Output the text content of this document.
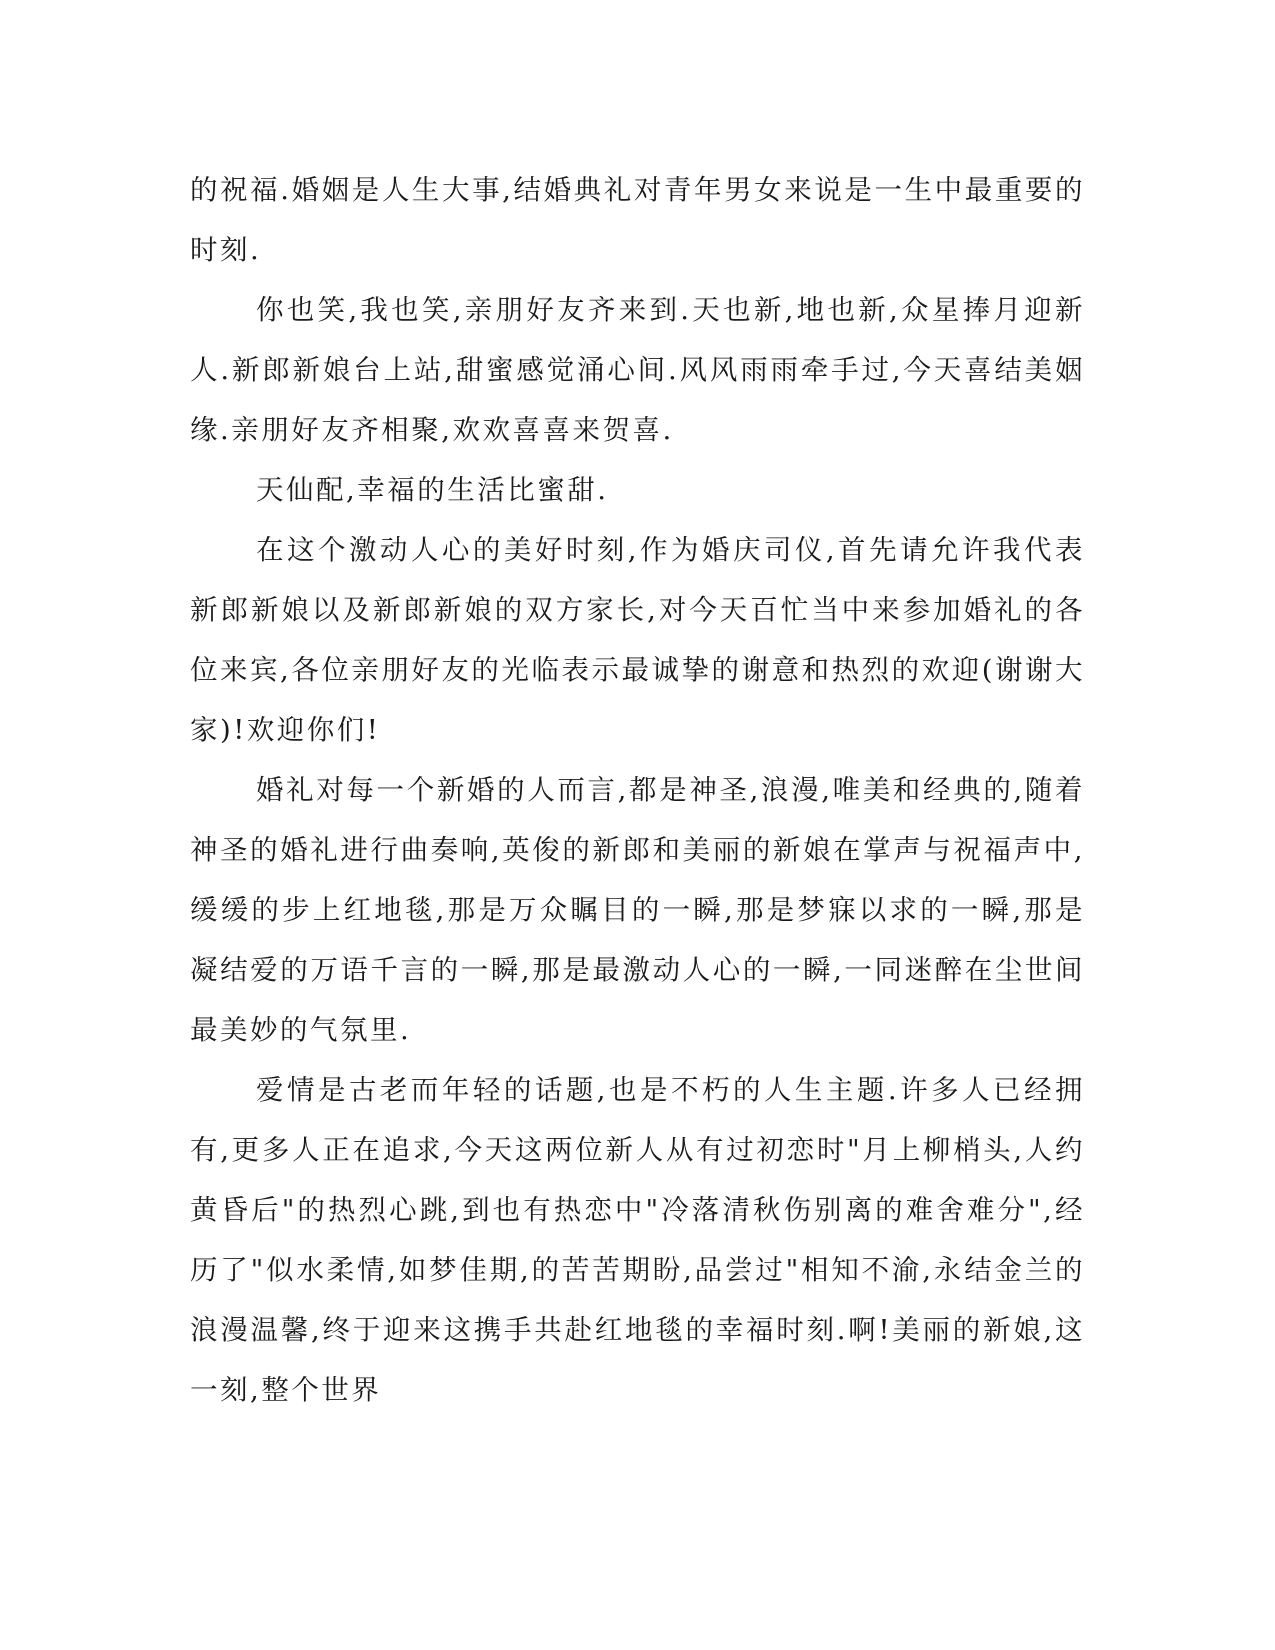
的祝福.婚姻是人生大事,结婚典礼对青年男女来说是一生中最重要的时刻.

你也笑,我也笑,亲朋好友齐来到.天也新,地也新,众星捧月迎新人.新郎新娘台上站,甜蜜感觉涌心间.风风雨雨牵手过,今天喜结美姻缘.亲朋好友齐相聚,欢欢喜喜来贺喜.

天仙配,幸福的生活比蜜甜.

在这个激动人心的美好时刻,作为婚庆司仪,首先请允许我代表新郎新娘以及新郎新娘的双方家长,对今天百忙当中来参加婚礼的各位来宾,各位亲朋好友的光临表示最诚挚的谢意和热烈的欢迎(谢谢大家)!欢迎你们!

婚礼对每一个新婚的人而言,都是神圣,浪漫,唯美和经典的,随着神圣的婚礼进行曲奏响,英俊的新郎和美丽的新娘在掌声与祝福声中,缓缓的步上红地毯,那是万众瞩目的一瞬,那是梦寐以求的一瞬,那是凝结爱的万语千言的一瞬,那是最激动人心的一瞬,一同迷醉在尘世间最美妙的气氛里.

爱情是古老而年轻的话题,也是不朽的人生主题.许多人已经拥有,更多人正在追求,今天这两位新人从有过初恋时"月上柳梢头,人约黄昏后"的热烈心跳,到也有热恋中"冷落清秋伤别离的难舍难分",经历了"似水柔情,如梦佳期,的苦苦期盼,品尝过"相知不渝,永结金兰的浪漫温馨,终于迎来这携手共赴红地毯的幸福时刻.啊!美丽的新娘,这一刻,整个世界
